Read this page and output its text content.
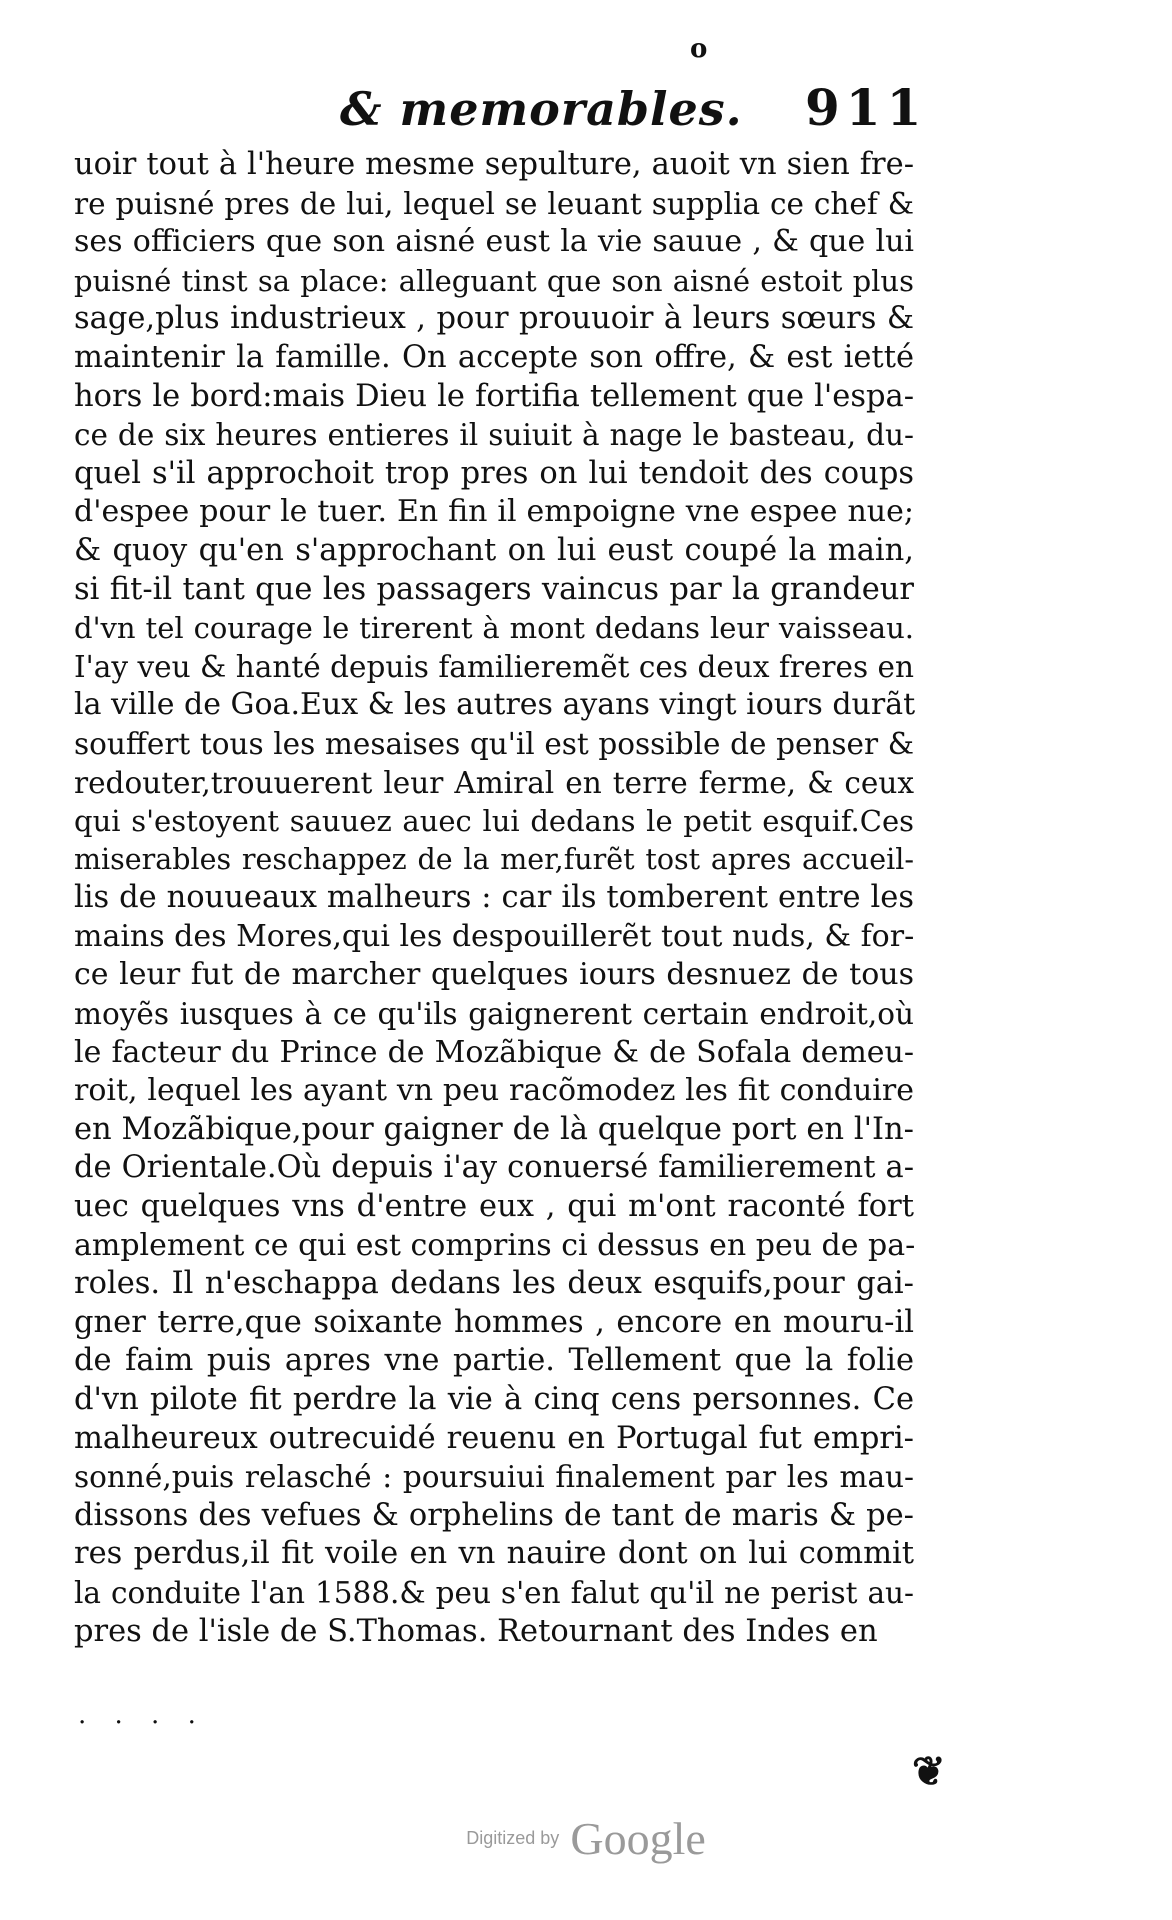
o
& memorables. 911
uoir tout à l'heure mesme sepulture, auoit vn sien fre-
re puisné pres de lui, lequel se leuant supplia ce chef &
ses officiers que son aisné eust la vie sauue , & que lui
puisné tinst sa place: alleguant que son aisné estoit plus
sage,plus industrieux , pour prouuoir à leurs sœurs &
maintenir la famille. On accepte son offre, & est ietté
hors le bord:mais Dieu le fortifia tellement que l'espa-
ce de six heures entieres il suiuit à nage le basteau, du-
quel s'il approchoit trop pres on lui tendoit des coups
d'espee pour le tuer. En fin il empoigne vne espee nue;
& quoy qu'en s'approchant on lui eust coupé la main,
si fit-il tant que les passagers vaincus par la grandeur
d'vn tel courage le tirerent à mont dedans leur vaisseau.
I'ay veu & hanté depuis familieremẽt ces deux freres en
la ville de Goa.Eux & les autres ayans vingt iours durãt
souffert tous les mesaises qu'il est possible de penser &
redouter,trouuerent leur Amiral en terre ferme, & ceux
qui s'estoyent sauuez auec lui dedans le petit esquif.Ces
miserables reschappez de la mer,furẽt tost apres accueil-
lis de nouueaux malheurs : car ils tomberent entre les
mains des Mores,qui les despouillerẽt tout nuds, & for-
ce leur fut de marcher quelques iours desnuez de tous
moyẽs iusques à ce qu'ils gaignerent certain endroit,où
le facteur du Prince de Mozãbique & de Sofala demeu-
roit, lequel les ayant vn peu racõmodez les fit conduire
en Mozãbique,pour gaigner de là quelque port en l'In-
de Orientale.Où depuis i'ay conuersé familierement a-
uec quelques vns d'entre eux , qui m'ont raconté fort
amplement ce qui est comprins ci dessus en peu de pa-
roles. Il n'eschappa dedans les deux esquifs,pour gai-
gner terre,que soixante hommes , encore en mouru-il
de faim puis apres vne partie. Tellement que la folie
d'vn pilote fit perdre la vie à cinq cens personnes. Ce
malheureux outrecuidé reuenu en Portugal fut empri-
sonné,puis relasché : poursuiui finalement par les mau-
dissons des vefues & orphelins de tant de maris & pe-
res perdus,il fit voile en vn nauire dont on lui commit
la conduite l'an 1588.& peu s'en falut qu'il ne perist au-
pres de l'isle de S.Thomas. Retournant des Indes en
. . . .
❦
Digitized by Google
